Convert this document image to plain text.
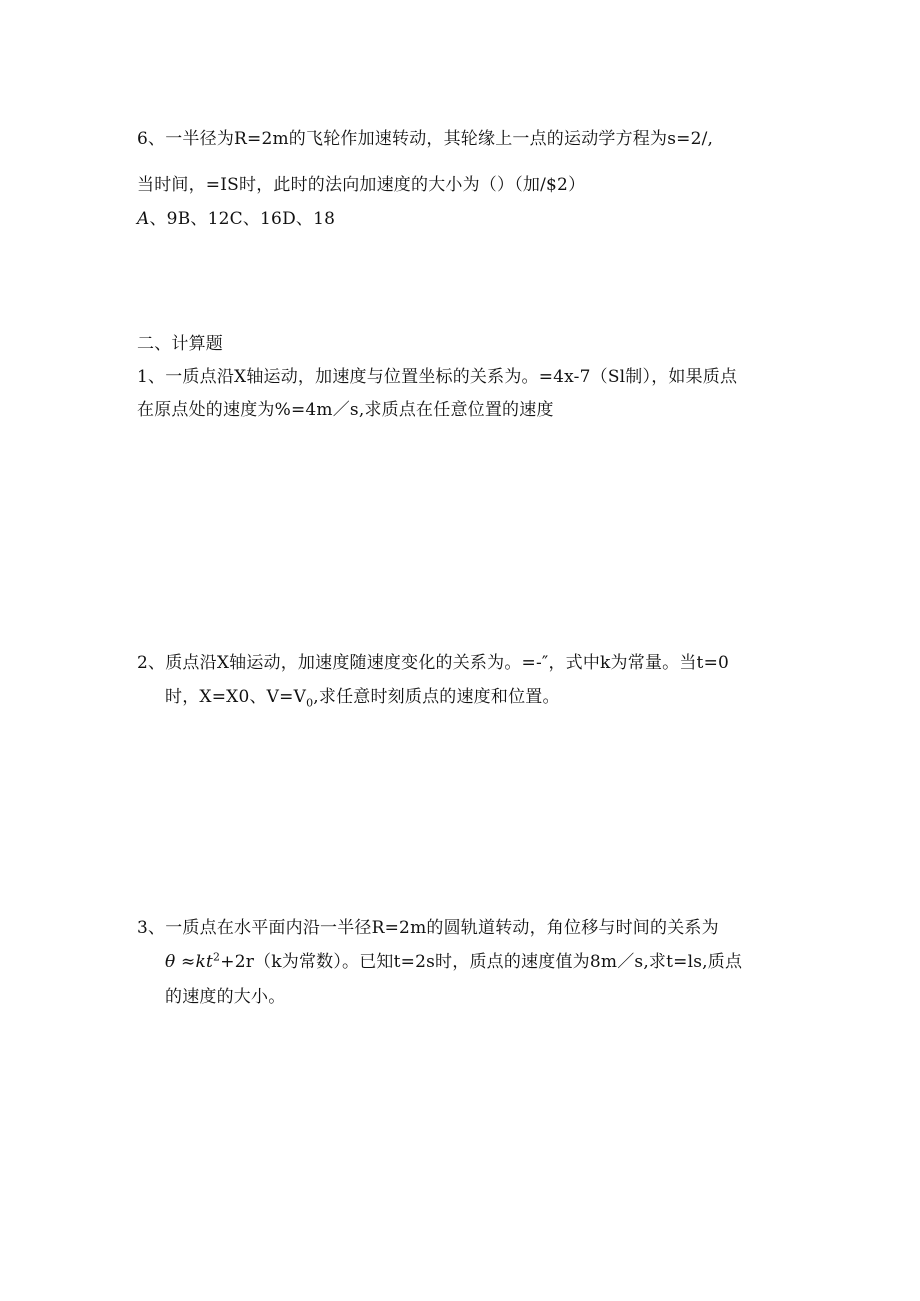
6、一半径为R=2m的飞轮作加速转动，其轮缘上一点的运动学方程为s=2/,
当时间，=IS时，此时的法向加速度的大小为（）（加/$2）
A、9B、12C、16D、18
二、计算题
1、一质点沿X轴运动，加速度与位置坐标的关系为。=4x-7（Sl制），如果质点
在原点处的速度为%=4m／s,求质点在任意位置的速度
2、质点沿X轴运动，加速度随速度变化的关系为。=-″，式中k为常量。当t=0
时，X=X0、$V=V_0$,求任意时刻质点的速度和位置。
3、一质点在水平面内沿一半径R=2m的圆轨道转动，角位移与时间的关系为
$\theta \approx kt^2+2r(k$为常数）。已知t=2s时，质点的速度值为8m／s,求t=ls,质点
的速度的大小。
